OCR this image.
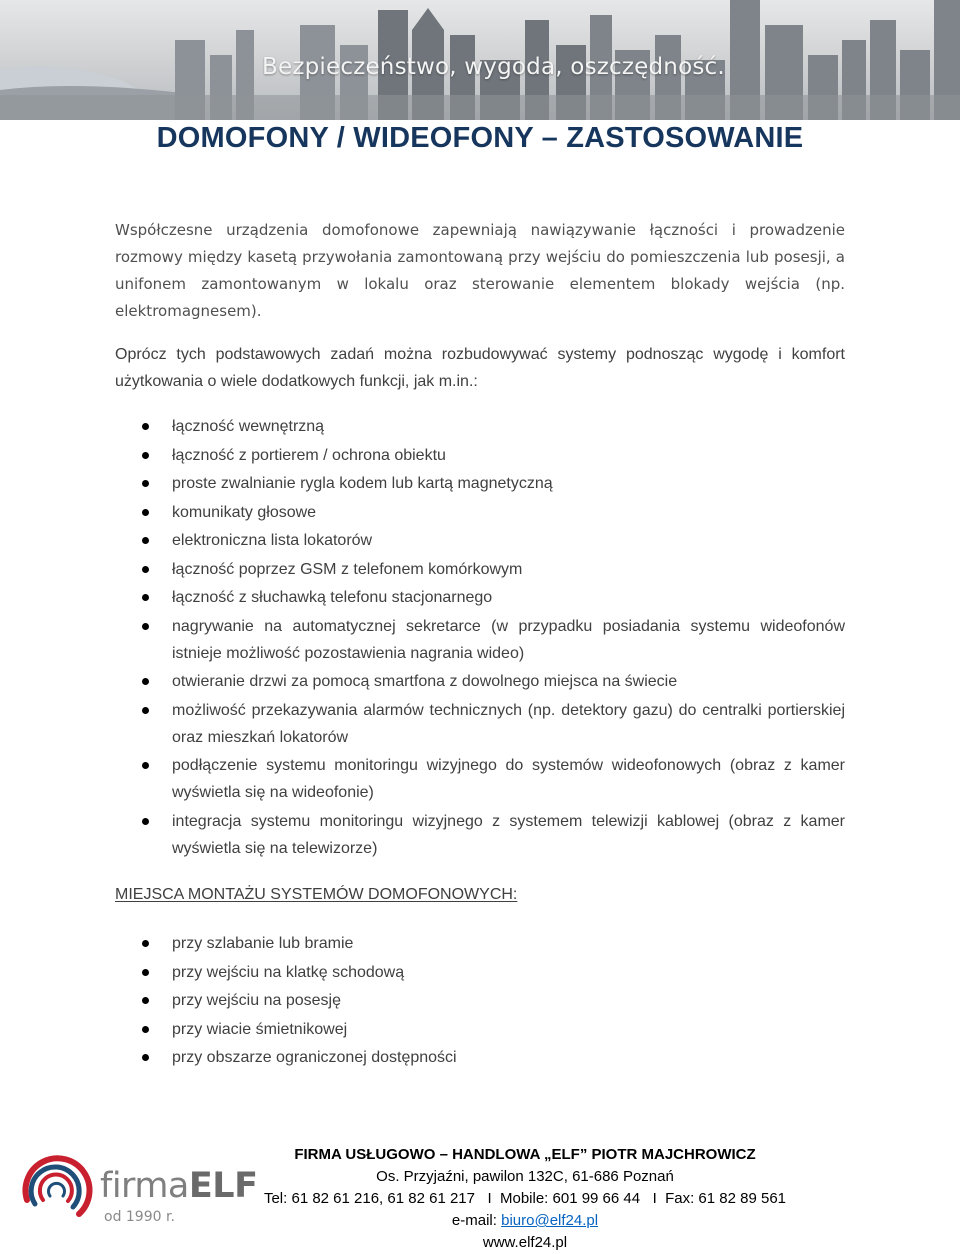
Bezpieczeństwo, wygoda, oszczędność.
DOMOFONY / WIDEOFONY – ZASTOSOWANIE
Współczesne urządzenia domofonowe zapewniają nawiązywanie łączności i prowadzenie rozmowy między kasetą przywołania zamontowaną przy wejściu do pomieszczenia lub posesji, a unifonem zamontowanym w lokalu oraz sterowanie elementem blokady wejścia (np. elektromagnesem).
Oprócz tych podstawowych zadań można rozbudowywać systemy podnosząc wygodę i komfort użytkowania o wiele dodatkowych funkcji, jak m.in.:
łączność wewnętrzną
łączność z portierem / ochrona obiektu
proste zwalnianie rygla kodem lub kartą magnetyczną
komunikaty głosowe
elektroniczna lista lokatorów
łączność poprzez GSM z telefonem komórkowym
łączność z słuchawką telefonu stacjonarnego
nagrywanie na automatycznej sekretarce (w przypadku posiadania systemu wideofonów istnieje możliwość pozostawienia nagrania wideo)
otwieranie drzwi za pomocą smartfona z dowolnego miejsca na świecie
możliwość przekazywania alarmów technicznych (np. detektory gazu) do centralki portierskiej oraz mieszkań lokatorów
podłączenie systemu monitoringu wizyjnego do systemów wideofonowych (obraz z kamer wyświetla się na wideofonie)
integracja systemu monitoringu wizyjnego z systemem telewizji kablowej (obraz z kamer wyświetla się na telewizorze)
MIEJSCA MONTAŻU SYSTEMÓW DOMOFONOWYCH:
przy szlabanie lub bramie
przy wejściu na klatkę schodową
przy wejściu na posesję
przy wiacie śmietnikowej
przy obszarze ograniczonej dostępności
firmaELF
od 1990 r.
FIRMA USŁUGOWO – HANDLOWA „ELF” PIOTR MAJCHROWICZ
Os. Przyjaźni, pawilon 132C, 61-686 Poznań
Tel: 61 82 61 216, 61 82 61 217   I  Mobile: 601 99 66 44   I  Fax: 61 82 89 561
e-mail: biuro@elf24.pl
www.elf24.pl
